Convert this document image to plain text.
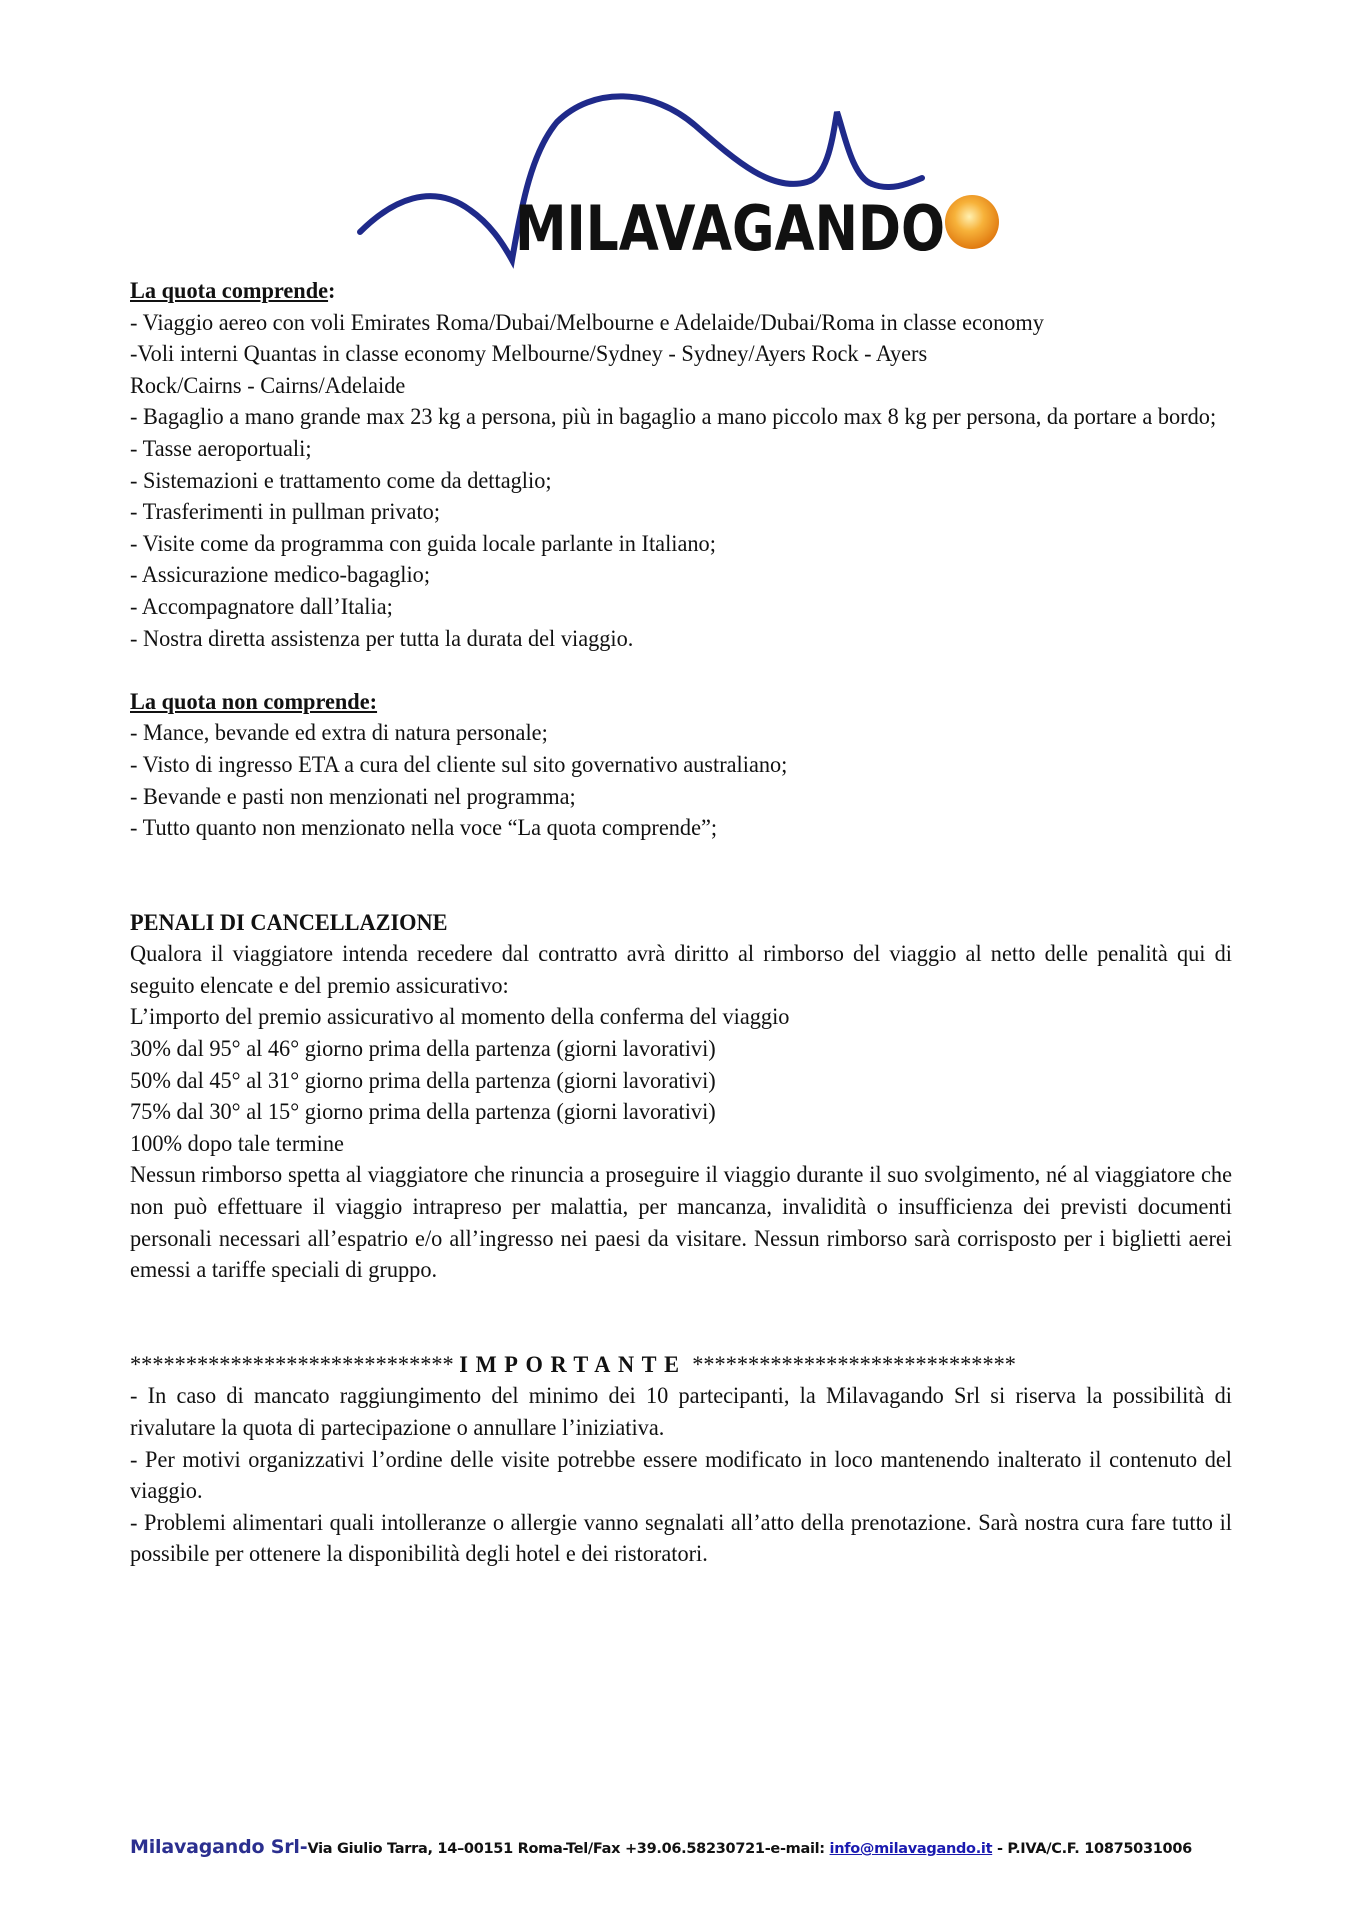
MILAVAGANDO
La quota comprende:
- Viaggio aereo con voli Emirates Roma/Dubai/Melbourne e Adelaide/Dubai/Roma in classe economy
-Voli interni Quantas in classe economy Melbourne/Sydney - Sydney/Ayers Rock - Ayers
Rock/Cairns - Cairns/Adelaide
- Bagaglio a mano grande max 23 kg a persona, più in bagaglio a mano piccolo max 8 kg per persona, da portare a bordo;
- Tasse aeroportuali;
- Sistemazioni e trattamento come da dettaglio;
- Trasferimenti in pullman privato;
- Visite come da programma con guida locale parlante in Italiano;
- Assicurazione medico-bagaglio;
- Accompagnatore dall’Italia;
- Nostra diretta assistenza per tutta la durata del viaggio.
La quota non comprende:
- Mance, bevande ed extra di natura personale;
- Visto di ingresso ETA a cura del cliente sul sito governativo australiano;
- Bevande e pasti non menzionati nel programma;
- Tutto quanto non menzionato nella voce “La quota comprende”;
PENALI DI CANCELLAZIONE
Qualora il viaggiatore intenda recedere dal contratto avrà diritto al rimborso del viaggio al netto delle penalità qui di seguito elencate e del premio assicurativo:
L’importo del premio assicurativo al momento della conferma del viaggio
30% dal 95° al 46° giorno prima della partenza (giorni lavorativi)
50% dal 45° al 31° giorno prima della partenza (giorni lavorativi)
75% dal 30° al 15° giorno prima della partenza (giorni lavorativi)
100% dopo tale termine
Nessun rimborso spetta al viaggiatore che rinuncia a proseguire il viaggio durante il suo svolgimento, né al viaggiatore che non può effettuare il viaggio intrapreso per malattia, per mancanza, invalidità o insufficienza dei previsti documenti personali necessari all’espatrio e/o all’ingresso nei paesi da visitare. Nessun rimborso sarà corrisposto per i biglietti aerei emessi a tariffe speciali di gruppo.
***************************** IMPORTANTE *****************************
- In caso di mancato raggiungimento del minimo dei 10 partecipanti, la Milavagando Srl si riserva la possibilità di rivalutare la quota di partecipazione o annullare l’iniziativa.
- Per motivi organizzativi l’ordine delle visite potrebbe essere modificato in loco mantenendo inalterato il contenuto del viaggio.
- Problemi alimentari quali intolleranze o allergie vanno segnalati all’atto della prenotazione. Sarà nostra cura fare tutto il possibile per ottenere la disponibilità degli hotel e dei ristoratori.
Milavagando Srl-Via Giulio Tarra, 14–00151 Roma-Tel/Fax +39.06.58230721-e-mail: info@milavagando.it - P.IVA/C.F. 10875031006
